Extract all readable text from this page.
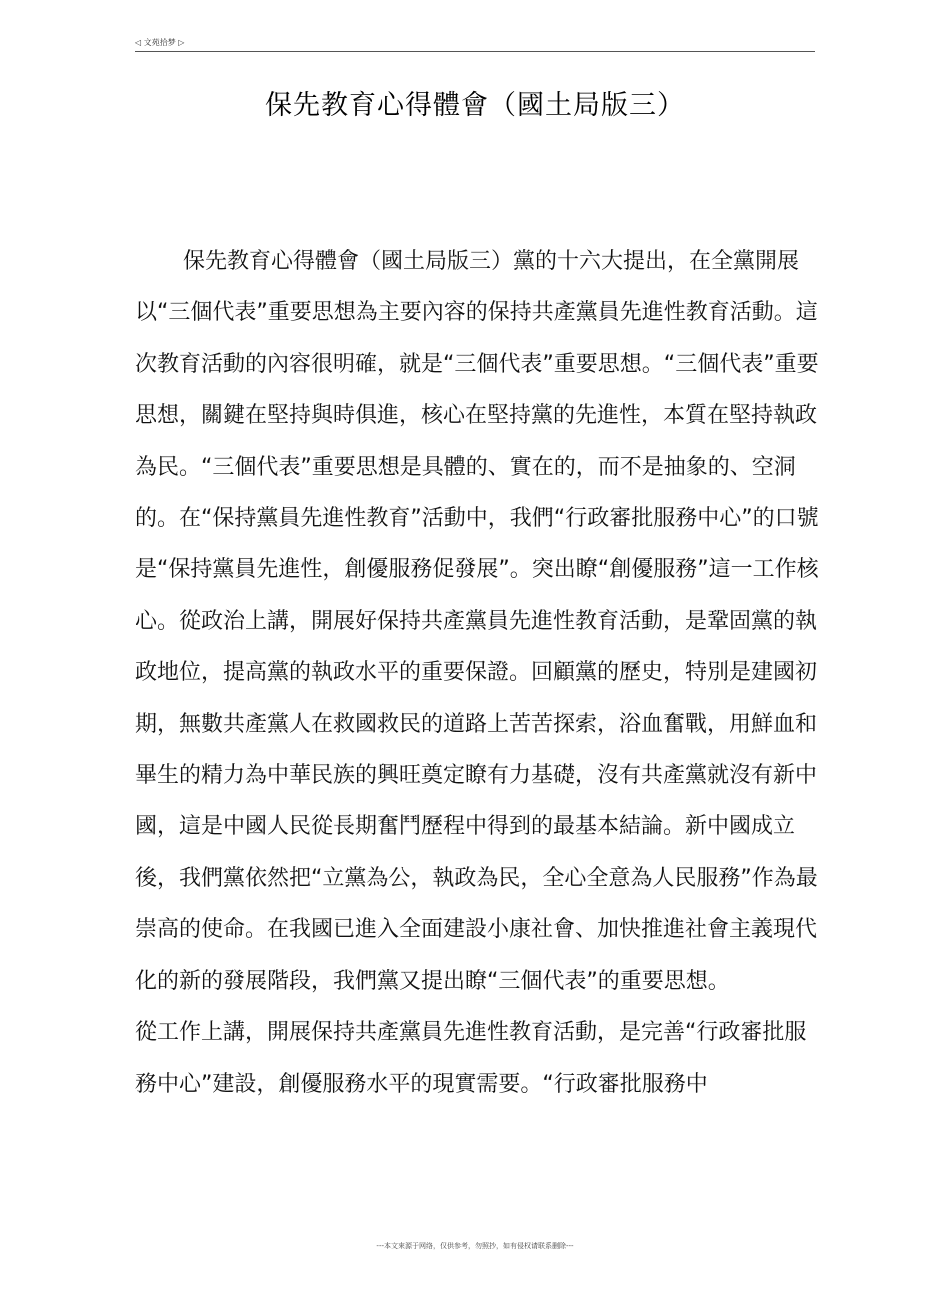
◁ 文苑拾梦 ▷
保先教育心得體會（國土局版三）

保先教育心得體會（國土局版三）黨的十六大提出，在全黨開展以“三個代表”重要思想為主要內容的保持共產黨員先進性教育活動。這次教育活動的內容很明確，就是“三個代表”重要思想。“三個代表”重要思想，關鍵在堅持與時俱進，核心在堅持黨的先進性，本質在堅持執政為民。“三個代表”重要思想是具體的、實在的，而不是抽象的、空洞的。在“保持黨員先進性教育”活動中，我們“行政審批服務中心”的口號是“保持黨員先進性，創優服務促發展”。突出瞭“創優服務”這一工作核心。從政治上講，開展好保持共產黨員先進性教育活動，是鞏固黨的執政地位，提高黨的執政水平的重要保證。回顧黨的歷史，特別是建國初期，無數共產黨人在救國救民的道路上苦苦探索，浴血奮戰，用鮮血和畢生的精力為中華民族的興旺奠定瞭有力基礎，沒有共產黨就沒有新中國，這是中國人民從長期奮鬥歷程中得到的最基本結論。新中國成立後，我們黨依然把“立黨為公，執政為民，全心全意為人民服務”作為最崇高的使命。在我國已進入全面建設小康社會、加快推進社會主義現代化的新的發展階段，我們黨又提出瞭“三個代表”的重要思想。

從工作上講，開展保持共產黨員先進性教育活動，是完善“行政審批服務中心”建設，創優服務水平的現實需要。“行政審批服務中

---本文來源于网络，仅供参考，勿照抄，如有侵权请联系删除---
